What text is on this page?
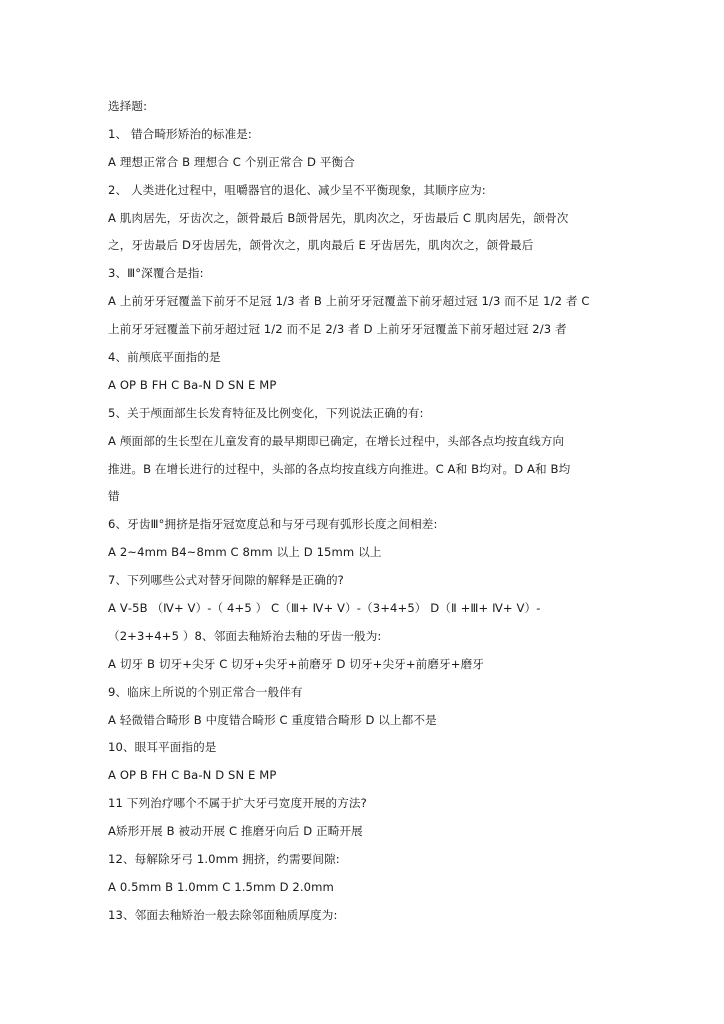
选择题:
1、 错合畸形矫治的标准是:
A 理想正常合 B 理想合 C 个别正常合 D 平衡合
2、 人类进化过程中，咀嚼器官的退化、减少呈不平衡现象，其顺序应为:
A 肌肉居先，牙齿次之，颌骨最后 B颌骨居先，肌肉次之，牙齿最后 C 肌肉居先，颌骨次
之，牙齿最后 D牙齿居先，颌骨次之，肌肉最后 E 牙齿居先，肌肉次之，颌骨最后
3、Ⅲ°深覆合是指:
A 上前牙牙冠覆盖下前牙不足冠 1/3 者 B 上前牙牙冠覆盖下前牙超过冠 1/3 而不足 1/2 者 C
上前牙牙冠覆盖下前牙超过冠 1/2 而不足 2/3 者 D 上前牙牙冠覆盖下前牙超过冠 2/3 者
4、前颅底平面指的是
A OP B FH C Ba-N D SN E MP
5、关于颅面部生长发育特征及比例变化，下列说法正确的有:
A 颅面部的生长型在儿童发育的最早期即已确定，在增长过程中，头部各点均按直线方向
推进。B 在增长进行的过程中，头部的各点均按直线方向推进。C A和 B均对。D A和 B均
错
6、牙齿Ⅲ°拥挤是指牙冠宽度总和与牙弓现有弧形长度之间相差:
A 2~4mm B4~8mm C 8mm 以上 D 15mm 以上
7、下列哪些公式对替牙间隙的解释是正确的?
A Ⅴ-5B （Ⅳ+ Ⅴ）-（ 4+5 ） C（Ⅲ+ Ⅳ+ Ⅴ）-（3+4+5） D（Ⅱ +Ⅲ+ Ⅳ+ Ⅴ）-
（2+3+4+5 ）8、邻面去釉矫治去釉的牙齿一般为:
A 切牙 B 切牙+尖牙 C 切牙+尖牙+前磨牙 D 切牙+尖牙+前磨牙+磨牙
9、临床上所说的个别正常合一般伴有
A 轻微错合畸形 B 中度错合畸形 C 重度错合畸形 D 以上都不是
10、眼耳平面指的是
A OP B FH C Ba-N D SN E MP
11 下列治疗哪个不属于扩大牙弓宽度开展的方法?
A矫形开展 B 被动开展 C 推磨牙向后 D 正畸开展
12、每解除牙弓 1.0mm 拥挤，约需要间隙:
A 0.5mm B 1.0mm C 1.5mm D 2.0mm
13、邻面去釉矫治一般去除邻面釉质厚度为:
